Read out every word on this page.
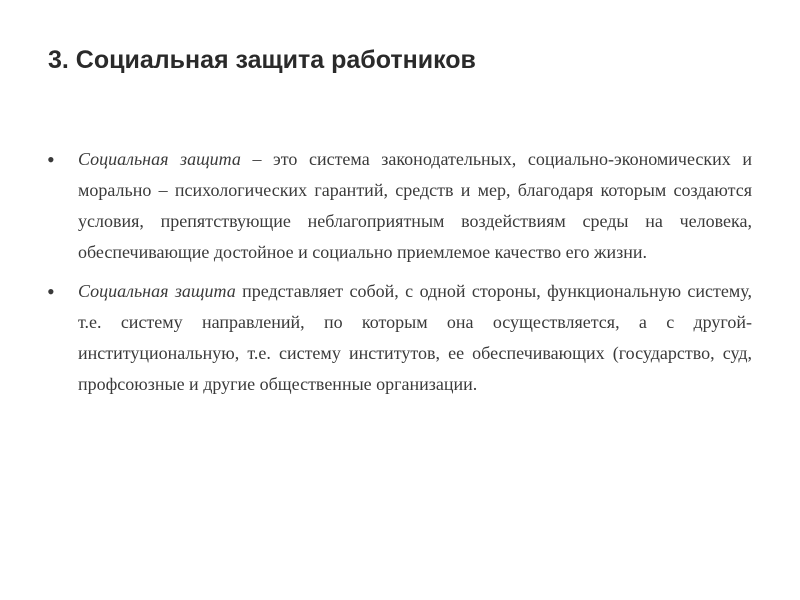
3. Социальная защита работников
• Социальная защита – это система законодательных, социально-экономических и морально – психологических гарантий, средств и мер, благодаря которым создаются условия, препятствующие неблагоприятным воздействиям среды на человека, обеспечивающие достойное и социально приемлемое качество его жизни.

• Социальная защита представляет собой, с одной стороны, функциональную систему, т.е. систему направлений, по которым она осуществляется, а с другой- институциональную, т.е. систему институтов, ее обеспечивающих (государство, суд, профсоюзные и другие общественные организации.
